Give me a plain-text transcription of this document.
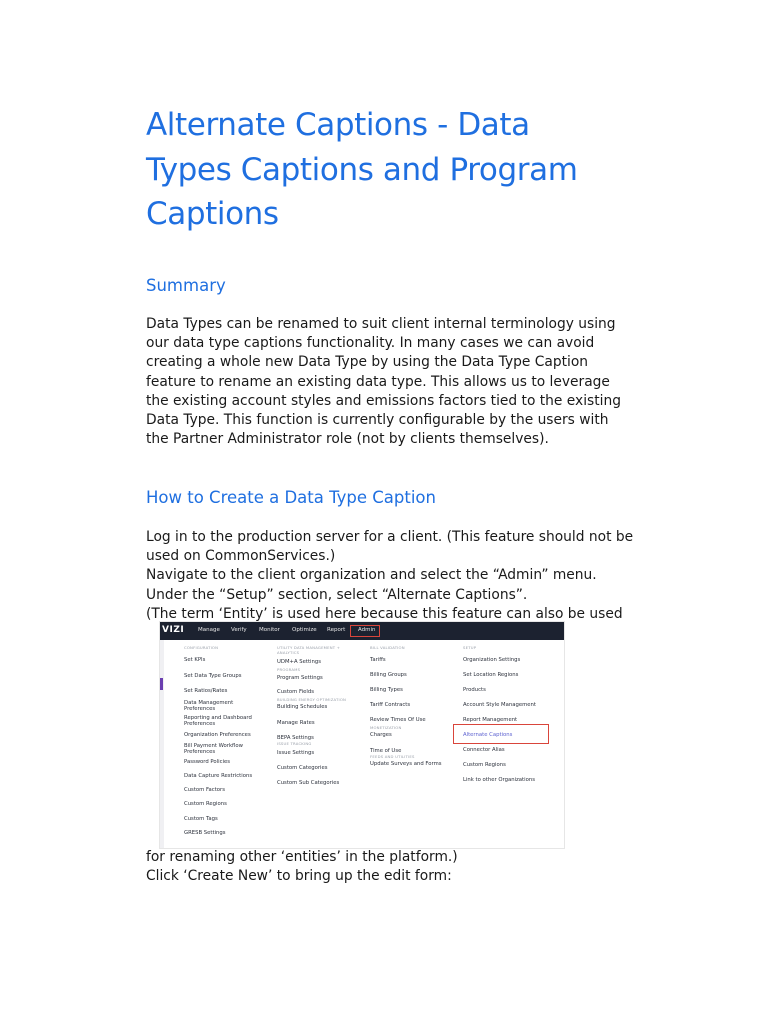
Alternate Captions - Data Types Captions and Program Captions
Summary
Data Types can be renamed to suit client internal terminology using
our data type captions functionality. In many cases we can avoid
creating a whole new Data Type by using the Data Type Caption
feature to rename an existing data type. This allows us to leverage
the existing account styles and emissions factors tied to the existing
Data Type. This function is currently configurable by the users with
the Partner Administrator role (not by clients themselves).
How to Create a Data Type Caption
Log in to the production server for a client. (This feature should not be
used on CommonServices.)
Navigate to the client organization and select the “Admin” menu.
Under the “Setup” section, select “Alternate Captions”.
(The term ‘Entity’ is used here because this feature can also be used
VIZI	Manage Verify Monitor Optimize Report Admin
CONFIGURATION
Set KPIs
Set Data Type Groups
Set Ratios/Rates
Data Management Preferences
Reporting and Dashboard Preferences
Organization Preferences
Bill Payment Workflow Preferences
Password Policies
Data Capture Restrictions
Custom Factors
Custom Regions
Custom Tags
GRESB Settings
UTILITY DATA MANAGEMENT + ANALYTICS
UDM+A Settings
PROGRAMS
Program Settings
Custom Fields
BUILDING ENERGY OPTIMIZATION
Building Schedules
Manage Rates
BEPA Settings
ISSUE TRACKING
Issue Settings
Custom Categories
Custom Sub Categories
BILL VALIDATION
Tariffs
Billing Groups
Billing Types
Tariff Contracts
Review Times Of Use
MONETIZATION
Charges
Time of Use
FEEDS AND UTILITIES
Update Surveys and Forms
SETUP
Organization Settings
Set Location Regions
Products
Account Style Management
Report Management
Alternate Captions
Connector Alias
Custom Regions
Link to other Organizations
for renaming other ‘entities’ in the platform.)
Click ‘Create New’ to bring up the edit form:
